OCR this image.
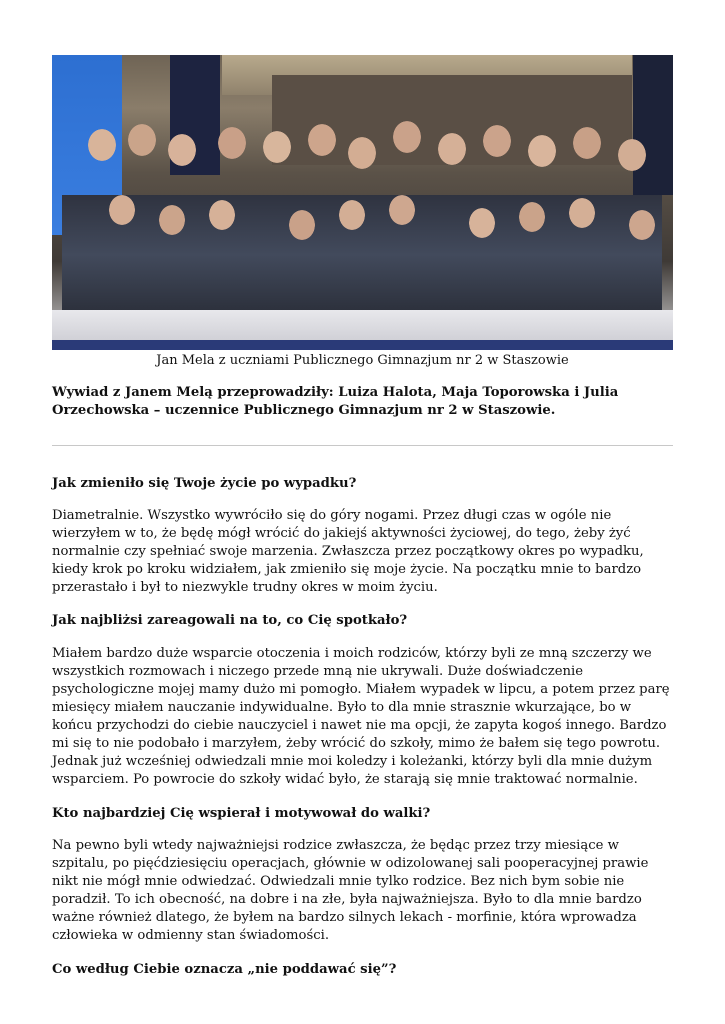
Jan Mela z uczniami Publicznego Gimnazjum nr 2 w Staszowie

Wywiad z Janem Melą przeprowadziły: Luiza Halota, Maja Toporowska i Julia Orzechowska – uczennice Publicznego Gimnazjum nr 2 w Staszowie.

Jak zmieniło się Twoje życie po wypadku?

Diametralnie. Wszystko wywróciło się do góry nogami. Przez długi czas w ogóle nie wierzyłem w to, że będę mógł wrócić do jakiejś aktywności życiowej, do tego, żeby żyć normalnie czy spełniać swoje marzenia. Zwłaszcza przez początkowy okres po wypadku, kiedy krok po kroku widziałem, jak zmieniło się moje życie. Na początku mnie to bardzo przerastało i był to niezwykle trudny okres w moim życiu.

Jak najbliżsi zareagowali na to, co Cię spotkało?

Miałem bardzo duże wsparcie otoczenia i moich rodziców, którzy byli ze mną szczerzy we wszystkich rozmowach i niczego przede mną nie ukrywali. Duże doświadczenie psychologiczne mojej mamy dużo mi pomogło. Miałem wypadek w lipcu, a potem przez parę miesięcy miałem nauczanie indywidualne. Było to dla mnie strasznie wkurzające, bo w końcu przychodzi do ciebie nauczyciel i nawet nie ma opcji, że zapyta kogoś innego. Bardzo mi się to nie podobało i marzyłem, żeby wrócić do szkoły, mimo że bałem się tego powrotu. Jednak już wcześniej odwiedzali mnie moi koledzy i koleżanki, którzy byli dla mnie dużym wsparciem. Po powrocie do szkoły widać było, że starają się mnie traktować normalnie.

Kto najbardziej Cię wspierał i motywował do walki?

Na pewno byli wtedy najważniejsi rodzice zwłaszcza, że będąc przez trzy miesiące w szpitalu, po pięćdziesięciu operacjach, głównie w odizolowanej sali pooperacyjnej prawie nikt nie mógł mnie odwiedzać. Odwiedzali mnie tylko rodzice. Bez nich bym sobie nie poradził. To ich obecność, na dobre i na złe, była najważniejsza. Było to dla mnie bardzo ważne również dlatego, że byłem na bardzo silnych lekach - morfinie, która wprowadza człowieka w odmienny stan świadomości.

Co według Ciebie oznacza „nie poddawać się”?
